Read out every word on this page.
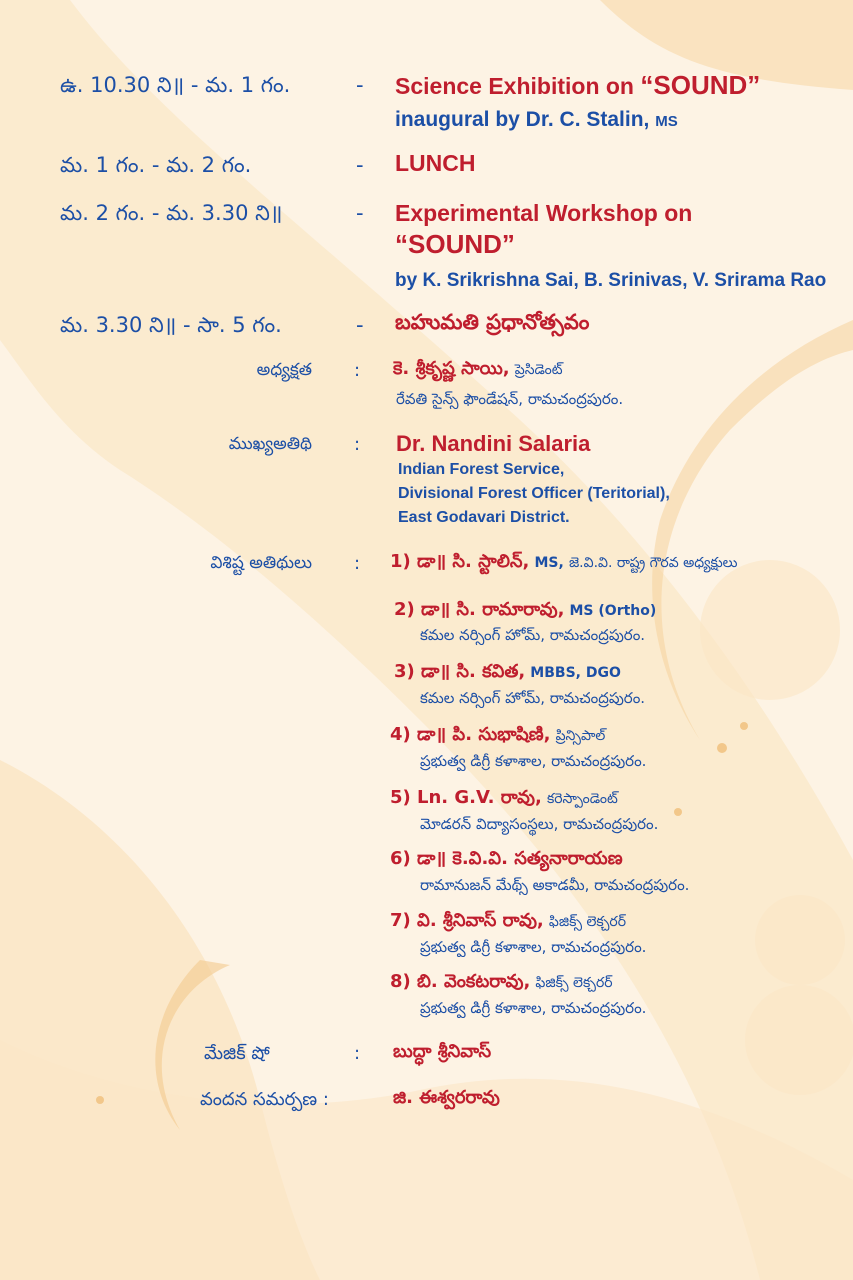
ఉ. 10.30 ని॥ - మ. 1 గం.	- Science Exhibition on “SOUND”
inaugural by Dr. C. Stalin, MS
మ. 1 గం. - మ. 2 గం.	- LUNCH
మ. 2 గం. - మ. 3.30 ని॥	- Experimental Workshop on
“SOUND”
by K. Srikrishna Sai, B. Srinivas, V. Srirama Rao
మ. 3.30 ని॥ - సా. 5 గం.	- బహుమతి ప్రధానోత్సవం
అధ్యక్షత : కె. శ్రీకృష్ణ సాయి, ప్రెసిడెంట్
రేవతి సైన్స్ ఫౌండేషన్, రామచంద్రపురం.
ముఖ్యఅతిథి : Dr. Nandini Salaria
Indian Forest Service,
Divisional Forest Officer (Teritorial),
East Godavari District.
విశిష్ట అతిథులు : 1) డా॥ సి. స్టాలిన్, MS, జె.వి.వి. రాష్ట్ర గౌరవ అధ్యక్షులు
2) డా॥ సి. రామారావు, MS (Ortho)
కమల నర్సింగ్ హోమ్, రామచంద్రపురం.
3) డా॥ సి. కవిత, MBBS, DGO
కమల నర్సింగ్ హోమ్, రామచంద్రపురం.
4) డా॥ పి. సుభాషిణి, ప్రిన్సిపాల్
ప్రభుత్వ డిగ్రీ కళాశాల, రామచంద్రపురం.
5) Ln. G.V. రావు, కరెస్పాండెంట్
మోడరన్ విద్యాసంస్థలు, రామచంద్రపురం.
6) డా॥ కె.వి.వి. సత్యనారాయణ
రామానుజన్ మేథ్స్ అకాడమీ, రామచంద్రపురం.
7) వి. శ్రీనివాస్ రావు, ఫిజిక్స్ లెక్చరర్
ప్రభుత్వ డిగ్రీ కళాశాల, రామచంద్రపురం.
8) బి. వెంకటరావు, ఫిజిక్స్ లెక్చరర్
ప్రభుత్వ డిగ్రీ కళాశాల, రామచంద్రపురం.
మేజిక్ షో	: బుద్ధా శ్రీనివాస్
వందన సమర్పణ :	జి. ఈశ్వరరావు
